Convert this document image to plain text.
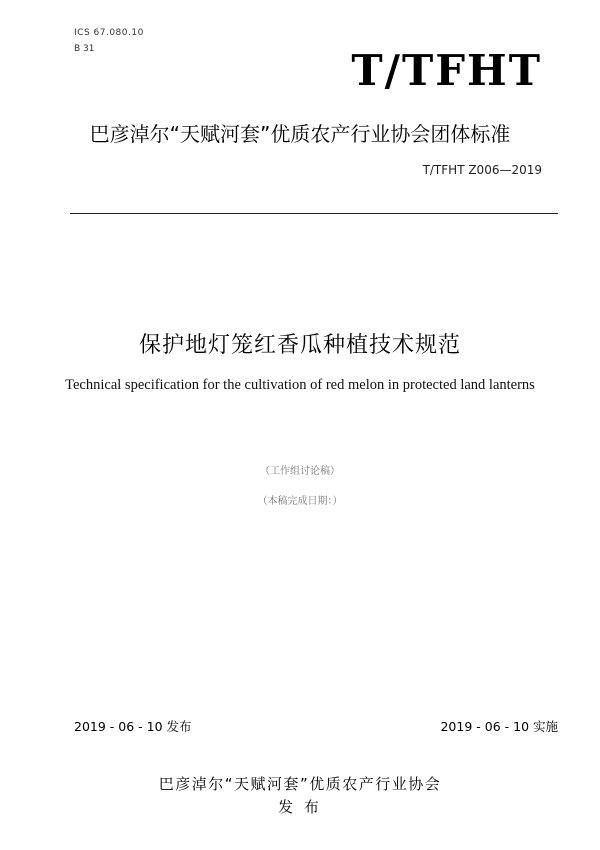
ICS 67.080.10
B 31	T/TFHT
巴彦淖尔“天赋河套”优质农产行业协会团体标准
T/TFHT Z006—2019
保护地灯笼红香瓜种植技术规范
Technical specification for the cultivation of red melon in protected land lanterns
（工作组讨论稿）
（本稿完成日期：）
2019 - 06 - 10 发布	2019 - 06 - 10 实施
巴彦淖尔“天赋河套”优质农产行业协会
发 布
